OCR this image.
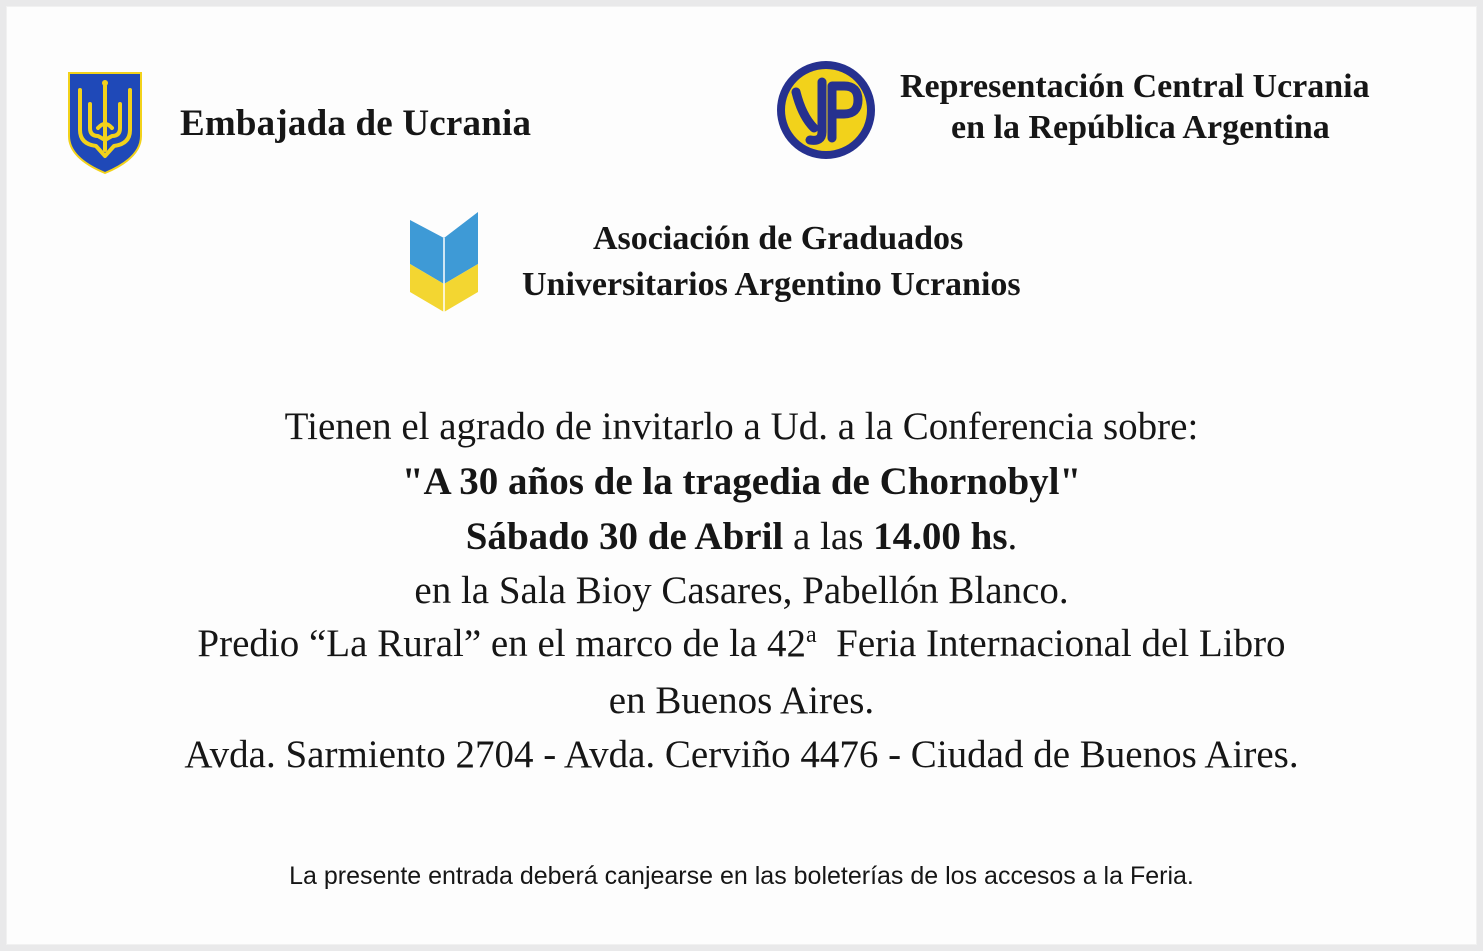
Embajada de Ucrania
Representación Central Ucrania
en la República Argentina
Asociación de Graduados
Universitarios Argentino Ucranios
Tienen el agrado de invitarlo a Ud. a la Conferencia sobre:
"A 30 años de la tragedia de Chornobyl"
Sábado 30 de Abril a las 14.00 hs.
en la Sala Bioy Casares, Pabellón Blanco.
Predio “La Rural” en el marco de la 42$^a$ Feria Internacional del Libro
en Buenos Aires.
Avda. Sarmiento 2704 - Avda. Cerviño 4476 - Ciudad de Buenos Aires.
La presente entrada deberá canjearse en las boleterías de los accesos a la Feria.
